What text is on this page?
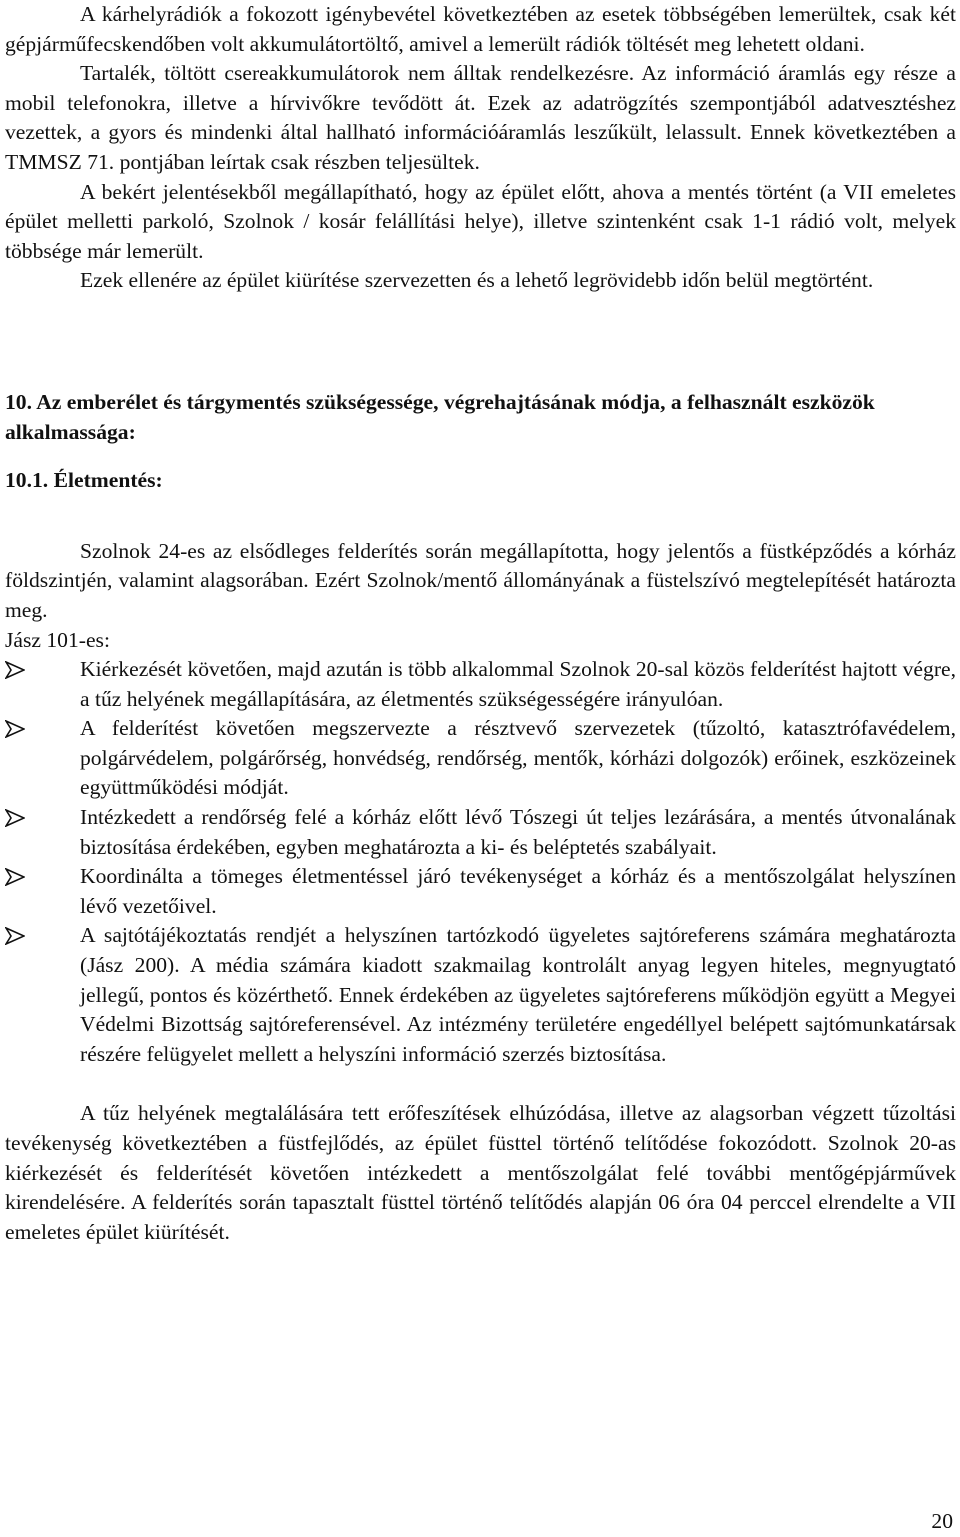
A kárhelyrádiók a fokozott igénybevétel következtében az esetek többségében lemerültek, csak két gépjárműfecskendőben volt akkumulátortöltő, amivel a lemerült rádiók töltését meg lehetett oldani.

Tartalék, töltött csereakkumulátorok nem álltak rendelkezésre. Az információ áramlás egy része a mobil telefonokra, illetve a hírvivőkre tevődött át. Ezek az adatrögzítés szempontjából adatvesztéshez vezettek, a gyors és mindenki által hallható információáramlás leszűkült, lelassult. Ennek következtében a TMMSZ 71. pontjában leírtak csak részben teljesültek.

A bekért jelentésekből megállapítható, hogy az épület előtt, ahova a mentés történt (a VII emeletes épület melletti parkoló, Szolnok / kosár felállítási helye), illetve szintenként csak 1-1 rádió volt, melyek többsége már lemerült.

Ezek ellenére az épület kiürítése szervezetten és a lehető legrövidebb időn belül megtörtént.

10. Az emberélet és tárgymentés szükségessége, végrehajtásának módja, a felhasznált eszközök alkalmassága:
10.1. Életmentés:

Szolnok 24-es az elsődleges felderítés során megállapította, hogy jelentős a füstképződés a kórház földszintjén, valamint alagsorában. Ezért Szolnok/mentő állományának a füstelszívó megtelepítését határozta meg.

Jász 101-es:

Kiérkezését követően, majd azután is több alkalommal Szolnok 20-sal közös felderítést hajtott végre, a tűz helyének megállapítására, az életmentés szükségességére irányulóan.
A felderítést követően megszervezte a résztvevő szervezetek (tűzoltó, katasztrófavédelem, polgárvédelem, polgárőrség, honvédség, rendőrség, mentők, kórházi dolgozók) erőinek, eszközeinek együttműködési módját.
Intézkedett a rendőrség felé a kórház előtt lévő Tószegi út teljes lezárására, a mentés útvonalának biztosítása érdekében, egyben meghatározta a ki- és beléptetés szabályait.
Koordinálta a tömeges életmentéssel járó tevékenységet a kórház és a mentőszolgálat helyszínen lévő vezetőivel.
A sajtótájékoztatás rendjét a helyszínen tartózkodó ügyeletes sajtóreferens számára meghatározta (Jász 200). A média számára kiadott szakmailag kontrolált anyag legyen hiteles, megnyugtató jellegű, pontos és közérthető. Ennek érdekében az ügyeletes sajtóreferens működjön együtt a Megyei Védelmi Bizottság sajtóreferensével. Az intézmény területére engedéllyel belépett sajtómunkatársak részére felügyelet mellett a helyszíni információ szerzés biztosítása.

A tűz helyének megtalálására tett erőfeszítések elhúzódása, illetve az alagsorban végzett tűzoltási tevékenység következtében a füstfejlődés, az épület füsttel történő telítődése fokozódott. Szolnok 20-as kiérkezését és felderítését követően intézkedett a mentőszolgálat felé további mentőgépjárművek kirendelésére. A felderítés során tapasztalt füsttel történő telítődés alapján 06 óra 04 perccel elrendelte a VII emeletes épület kiürítését.

20
